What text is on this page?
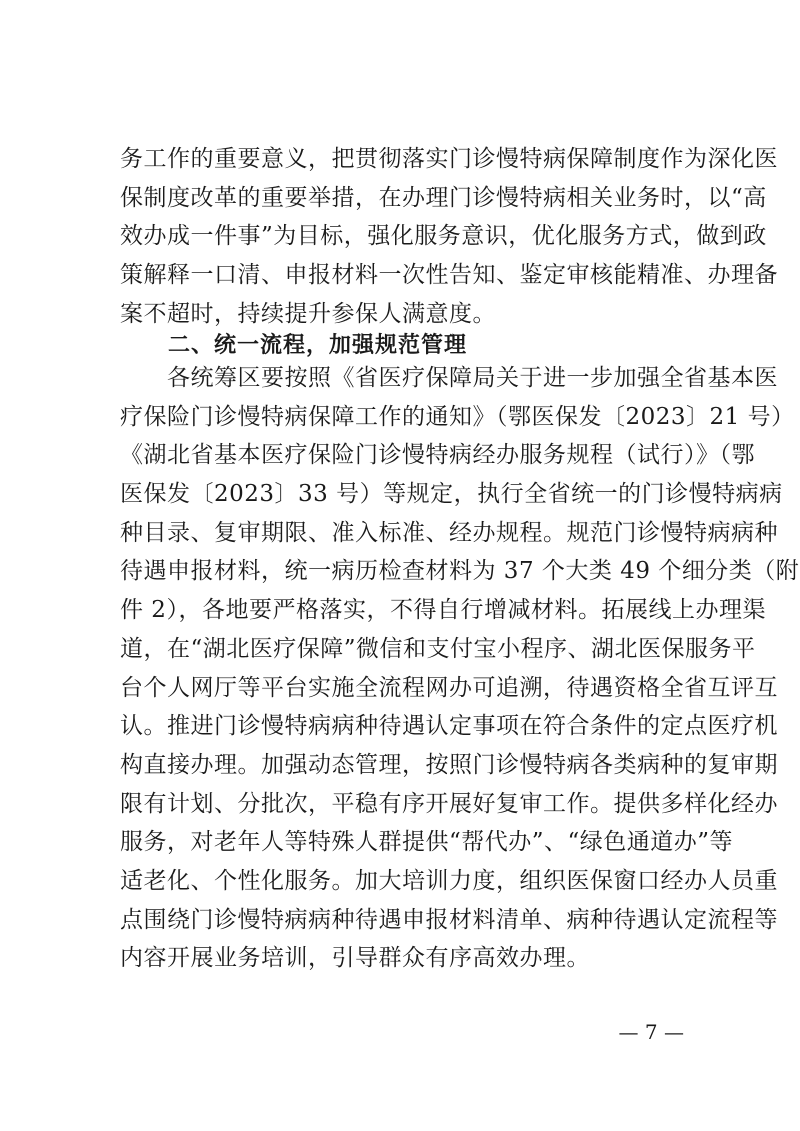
务工作的重要意义，把贯彻落实门诊慢特病保障制度作为深化医
保制度改革的重要举措，在办理门诊慢特病相关业务时，以“高
效办成一件事”为目标，强化服务意识，优化服务方式，做到政
策解释一口清、申报材料一次性告知、鉴定审核能精准、办理备
案不超时，持续提升参保人满意度。
二、统一流程，加强规范管理
　　各统筹区要按照《省医疗保障局关于进一步加强全省基本医
疗保险门诊慢特病保障工作的通知》（鄂医保发〔2023〕21 号）
《湖北省基本医疗保险门诊慢特病经办服务规程（试行）》（鄂
医保发〔2023〕33 号）等规定，执行全省统一的门诊慢特病病
种目录、复审期限、准入标准、经办规程。规范门诊慢特病病种
待遇申报材料，统一病历检查材料为 37 个大类 49 个细分类（附
件 2），各地要严格落实，不得自行增减材料。拓展线上办理渠
道，在“湖北医疗保障”微信和支付宝小程序、湖北医保服务平
台个人网厅等平台实施全流程网办可追溯，待遇资格全省互评互
认。推进门诊慢特病病种待遇认定事项在符合条件的定点医疗机
构直接办理。加强动态管理，按照门诊慢特病各类病种的复审期
限有计划、分批次，平稳有序开展好复审工作。提供多样化经办
服务，对老年人等特殊人群提供“帮代办”、“绿色通道办”等
适老化、个性化服务。加大培训力度，组织医保窗口经办人员重
点围绕门诊慢特病病种待遇申报材料清单、病种待遇认定流程等
内容开展业务培训，引导群众有序高效办理。
— 7 —
